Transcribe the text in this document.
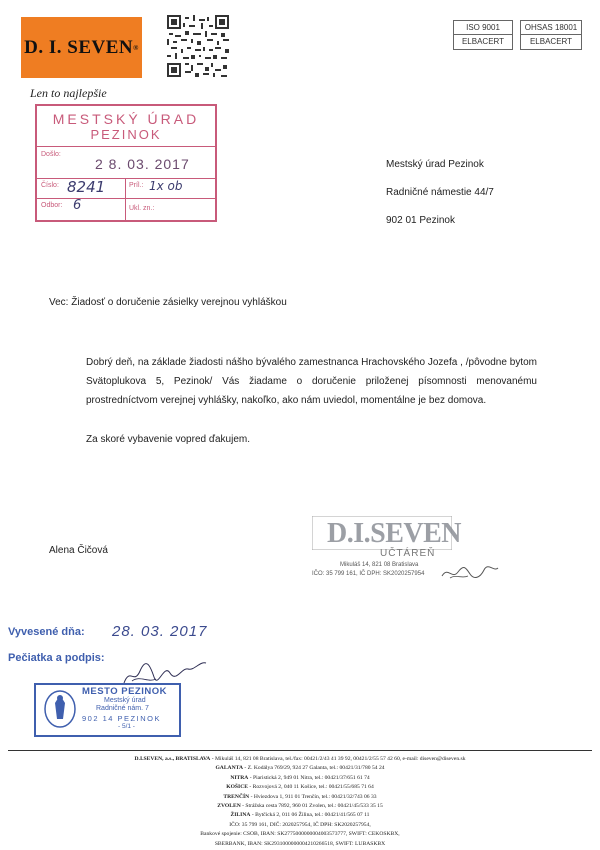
D. I. SEVEN ®
ISO 9001
ELBACERT
OHSAS 18001
ELBACERT
Len to najlepšie
MESTSKÝ ÚRAD
PEZINOK
Došlo:
2 8. 03. 2017
Číslo: 8241	Príl.: 1x ob
Odbor: 6	Ukl. zn.:
Mestský úrad Pezinok
Radničné námestie 44/7
902 01 Pezinok
Vec: Žiadosť o doručenie zásielky verejnou vyhláškou
Dobrý deň, na základe žiadosti nášho bývalého zamestnanca Hrachovského Jozefa , /pôvodne bytom Svätoplukova 5, Pezinok/ Vás žiadame o doručenie priloženej písomnosti menovanému prostredníctvom verejnej vyhlášky, nakoľko, ako nám uviedol, momentálne je bez domova.
Za skoré vybavenie vopred ďakujem.
Alena Čičová
D.I.SEVEN
UČTÁREŇ
Mikuláš 14, 821 08 Bratislava
IČO: 35 799 161, IČ DPH: SK2020257954
Vyvesené dňa: 28. 03. 2017
Pečiatka a podpis:
MESTO PEZINOK
Mestský úrad
Radničné nám. 7
902 14 PEZINOK
- 5/1 -
D.I.SEVEN, a.s., BRATISLAVA - Mikuláš 14, 821 08 Bratislava, tel./fax: 00421/2/43 41 39 92, 00421/2/55 57 42 60, e-mail: diseven@diseven.sk
GALANTA - Z. Kodálya 769/29, 924 27 Galanta, tel.: 00421/31/780 54 24
NITRA - Piaristická 2, 949 01 Nitra, tel.: 00421/37/651 61 74
KOŠICE - Rozvojová 2, 040 11 Košice, tel.: 00421/55/685 71 64
TRENČÍN - Hviezdova 1, 911 01 Trenčín, tel.: 00421/32/743 06 33
ZVOLEN - Strážska cesta 7892, 960 01 Zvolen, tel.: 00421/45/533 35 15
ŽILINA - Bytčická 2, 011 06 Žilina, tel.: 00421/41/565 07 11
IČO: 35 799 161, DIČ: 2020257954, IČ DPH: SK2020257954,
Bankové spojenie: CSOB, IBAN: SK2775000000004003573777, SWIFT: CEKOSKBX,
SBERBANK, IBAN: SK2931000000004210266518, SWIFT: LUBASKBX
